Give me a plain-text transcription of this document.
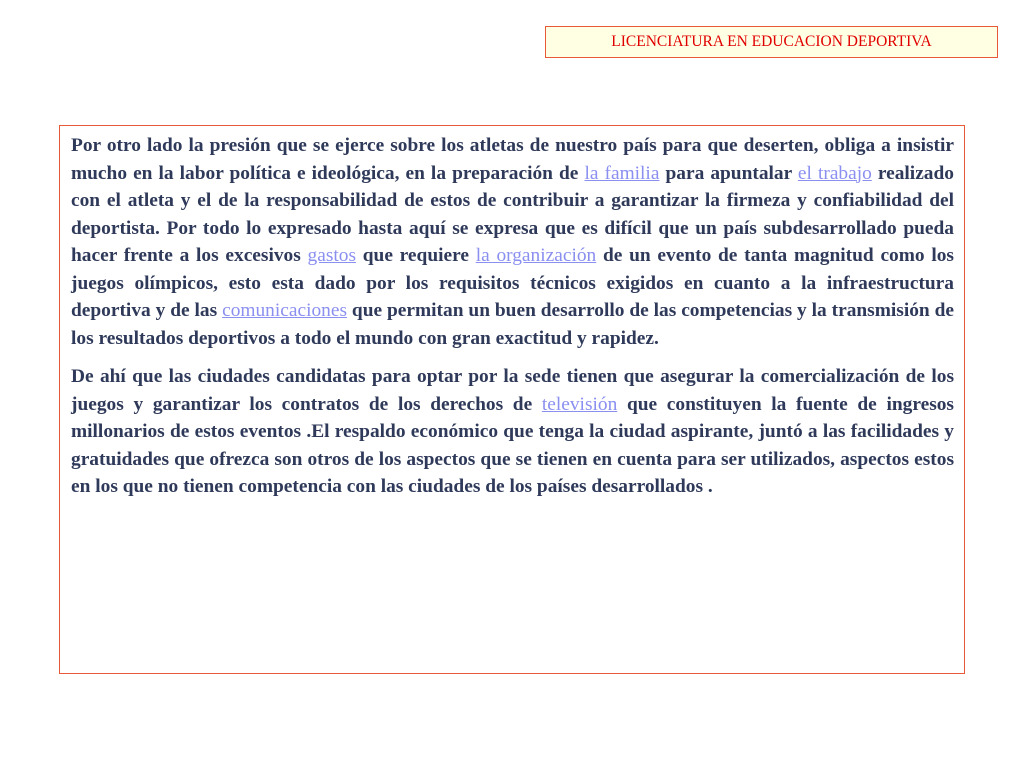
LICENCIATURA EN EDUCACION DEPORTIVA

Por otro lado la presión que se ejerce sobre los atletas de nuestro país para que deserten, obliga a insistir mucho en la labor política e ideológica, en la preparación de la familia para apuntalar el trabajo realizado con el atleta y el de la responsabilidad de estos de contribuir a garantizar la firmeza y confiabilidad del deportista. Por todo lo expresado hasta aquí se expresa que es difícil que un país subdesarrollado pueda hacer frente a los excesivos gastos que requiere la organización de un evento de tanta magnitud como los juegos olímpicos, esto esta dado por los requisitos técnicos exigidos en cuanto a la infraestructura deportiva y de las comunicaciones que permitan un buen desarrollo de las competencias y la transmisión de los resultados deportivos a todo el mundo con gran exactitud y rapidez.

De ahí que las ciudades candidatas para optar por la sede tienen que asegurar la comercialización de los juegos y garantizar los contratos de los derechos de televisión que constituyen la fuente de ingresos millonarios de estos eventos .El respaldo económico que tenga la ciudad aspirante, juntó a las facilidades y gratuidades que ofrezca son otros de los aspectos que se tienen en cuenta para ser utilizados, aspectos estos en los que no tienen competencia con las ciudades de los países desarrollados .
